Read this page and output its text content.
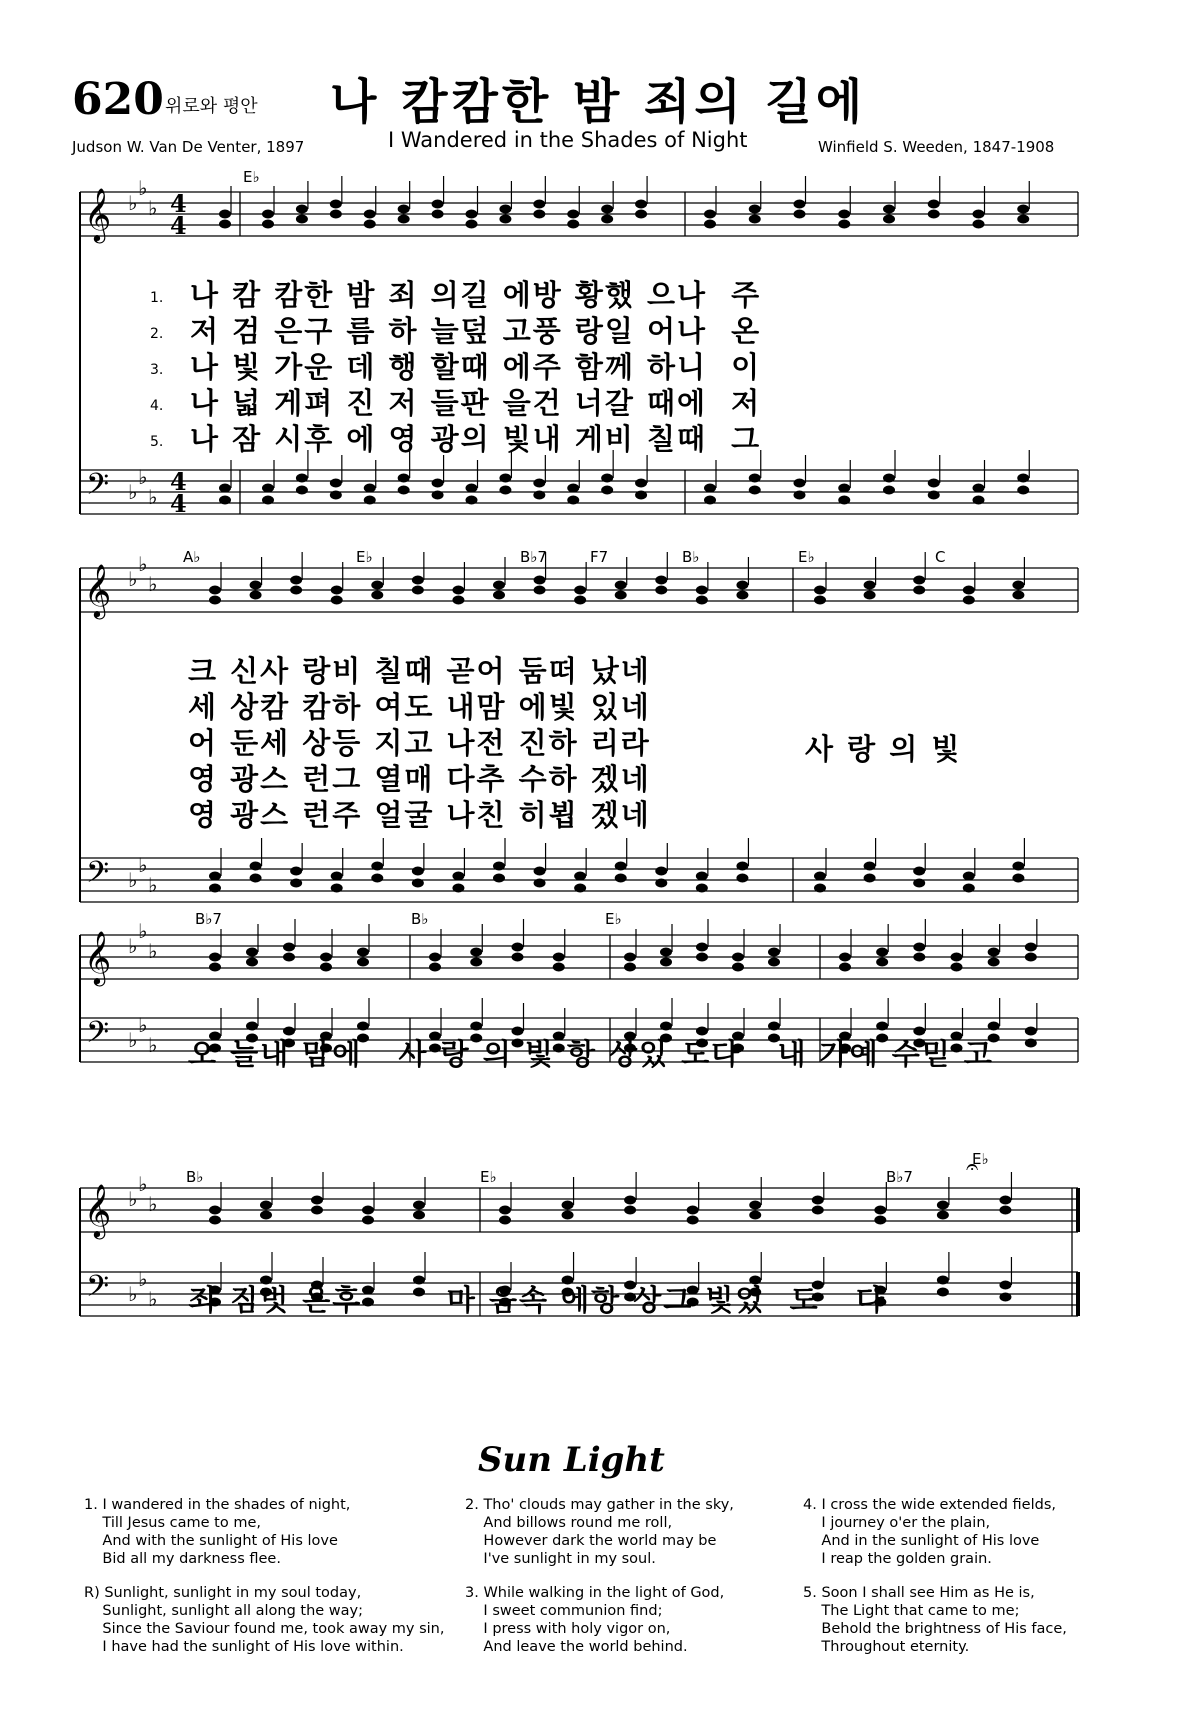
620 위로와 평안 나 캄캄한 밤 죄의 길에
Judson W. Van De Venter, 1897	I Wandered in the Shades of Night	Winfield S. Weeden, 1847-1908
𝄞
𝄢
♭
♭
♭
♭
♭
♭
4
4
4
4
𝄞
𝄢
♭
♭
♭
♭
♭
♭
𝄞
𝄢
♭
♭
♭
♭
♭
♭
𝄞
𝄢
♭
♭
♭
♭
♭
♭
𝄐
E♭
A♭	E♭	B♭7	F7	B♭	E♭	C
B♭7	B♭	E♭
B♭	E♭	B♭7
E♭
1. 나 캄 캄한 밤 죄 의길 에방 황했 으나  주
2. 저 검 은구 름 하 늘덮 고풍 랑일 어나  온
3. 나 빛 가운 데 행 할때 에주 함께 하니  이
4. 나 넓 게펴 진 저 들판 을건 너갈 때에  저
5. 나 잠 시후 에 영 광의 빛내 게비 칠때  그
크 신사 랑비 칠때 곧어 둠떠 났네
세 상캄 캄하 여도 내맘 에빛 있네
어 둔세 상등 지고 나전 진하 리라
영 광스 런그 열매 다추 수하 겠네
영 광스 런주 얼굴 나친 히뵙 겠네
사 랑 의 빛
오 늘내 맘에   사 랑 의 빛 항 상있 도다   내 가예 수믿 고
죄 짐벗 은후       마 음속 에항 상그 빛있  도   다
Sun Light
1. I wandered in the shades of night,
Till Jesus came to me,
And with the sunlight of His love
Bid all my darkness flee.
2. Tho' clouds may gather in the sky,
And billows round me roll,
However dark the world may be
I've sunlight in my soul.
4. I cross the wide extended fields,
I journey o'er the plain,
And in the sunlight of His love
I reap the golden grain.
R) Sunlight, sunlight in my soul today,
Sunlight, sunlight all along the way;
Since the Saviour found me, took away my sin,
I have had the sunlight of His love within.
3. While walking in the light of God,
I sweet communion find;
I press with holy vigor on,
And leave the world behind.
5. Soon I shall see Him as He is,
The Light that came to me;
Behold the brightness of His face,
Throughout eternity.
